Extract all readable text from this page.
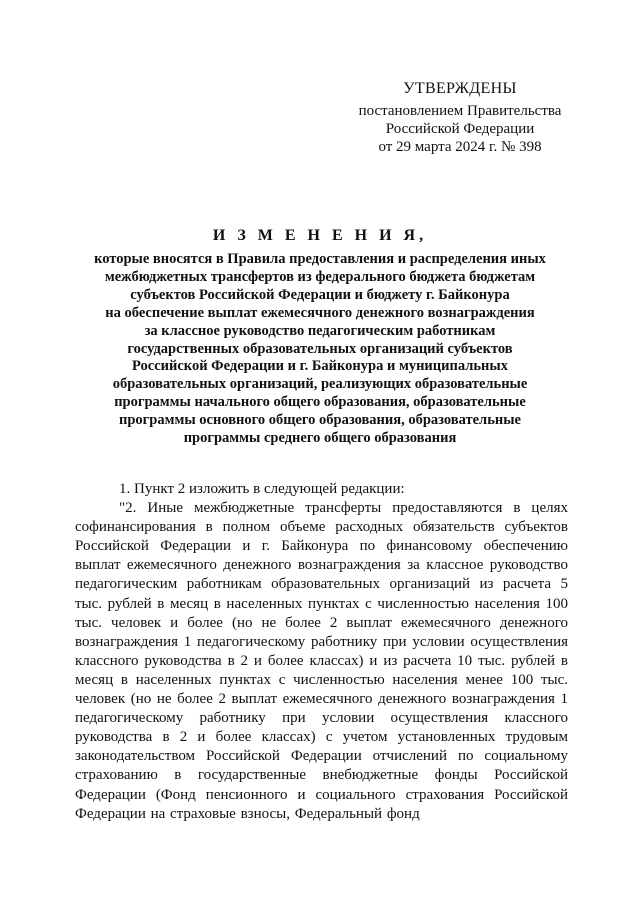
УТВЕРЖДЕНЫ
постановлением Правительства
Российской Федерации
от 29 марта 2024 г. № 398
И З М Е Н Е Н И Я,
которые вносятся в Правила предоставления и распределения иных
межбюджетных трансфертов из федерального бюджета бюджетам
субъектов Российской Федерации и бюджету г. Байконура
на обеспечение выплат ежемесячного денежного вознаграждения
за классное руководство педагогическим работникам
государственных образовательных организаций субъектов
Российской Федерации и г. Байконура и муниципальных
образовательных организаций, реализующих образовательные
программы начального общего образования, образовательные
программы основного общего образования, образовательные
программы среднего общего образования

1. Пункт 2 изложить в следующей редакции:

"2. Иные межбюджетные трансферты предоставляются в целях софинансирования в полном объеме расходных обязательств субъектов Российской Федерации и г. Байконура по финансовому обеспечению выплат ежемесячного денежного вознаграждения за классное руководство педагогическим работникам образовательных организаций из расчета 5 тыс. рублей в месяц в населенных пунктах с численностью населения 100 тыс. человек и более (но не более 2 выплат ежемесячного денежного вознаграждения 1 педагогическому работнику при условии осуществления классного руководства в 2 и более классах) и из расчета 10 тыс. рублей в месяц в населенных пунктах с численностью населения менее 100 тыс. человек (но не более 2 выплат ежемесячного денежного вознаграждения 1 педагогическому работнику при условии осуществления классного руководства в 2 и более классах) с учетом установленных трудовым законодательством Российской Федерации отчислений по социальному страхованию в государственные внебюджетные фонды Российской Федерации (Фонд пенсионного и социального страхования Российской Федерации на страховые взносы, Федеральный фонд
